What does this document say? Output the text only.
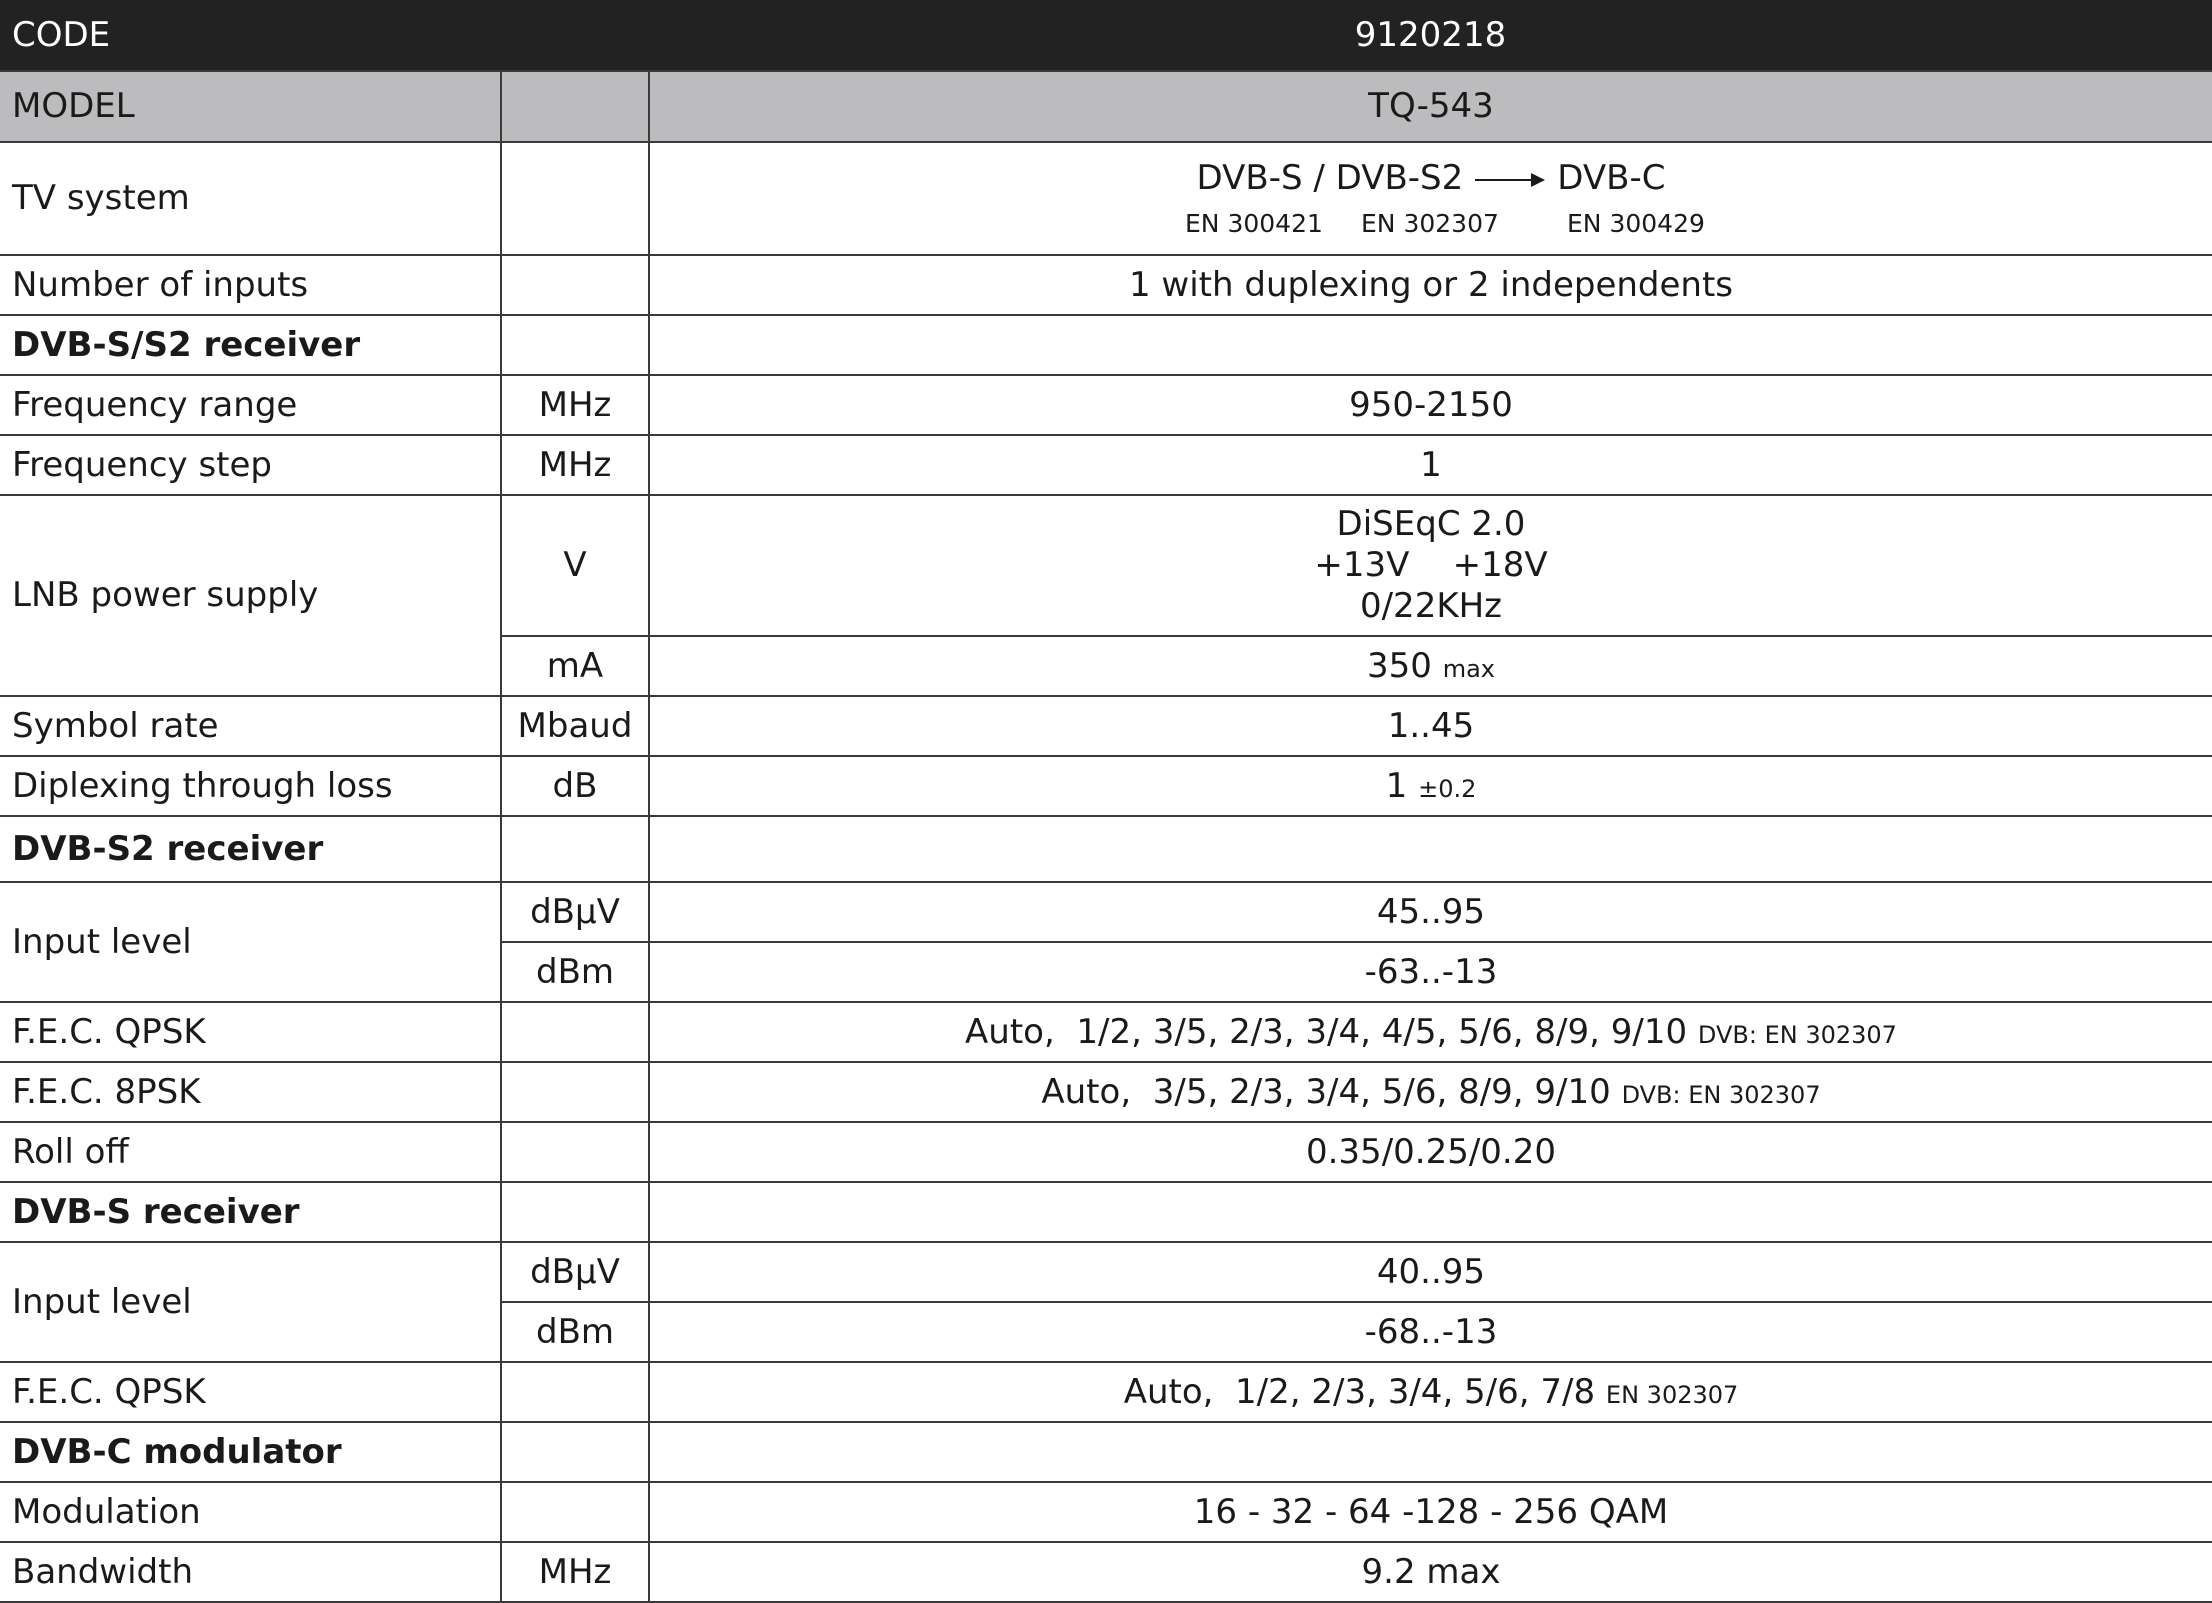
CODE		9120218
MODEL		TQ-543
TV system		DVB-S / DVB-S2 DVB-C
EN 300421 EN 302307 EN 300429

Number of inputs		1 with duplexing or 2 independents
DVB-S/S2 receiver		
Frequency range	MHz	950-2150
Frequency step	MHz	1
LNB power supply	V	DiSEqC 2.0
+13V    +18V
0/22KHz

	mA	350 max
Symbol rate	Mbaud	1..45
Diplexing through loss	dB	1 ±0.2
DVB-S2 receiver		
Input level	dBμV	45..95
	dBm	-63..-13
F.E.C. QPSK		Auto,  1/2, 3/5, 2/3, 3/4, 4/5, 5/6, 8/9, 9/10 DVB: EN 302307
F.E.C. 8PSK		Auto,  3/5, 2/3, 3/4, 5/6, 8/9, 9/10 DVB: EN 302307
Roll off		0.35/0.25/0.20
DVB-S receiver		
Input level	dBμV	40..95
	dBm	-68..-13
F.E.C. QPSK		Auto,  1/2, 2/3, 3/4, 5/6, 7/8 EN 302307
DVB-C modulator		
Modulation		16 - 32 - 64 -128 - 256 QAM
Bandwidth	MHz	9.2 max
